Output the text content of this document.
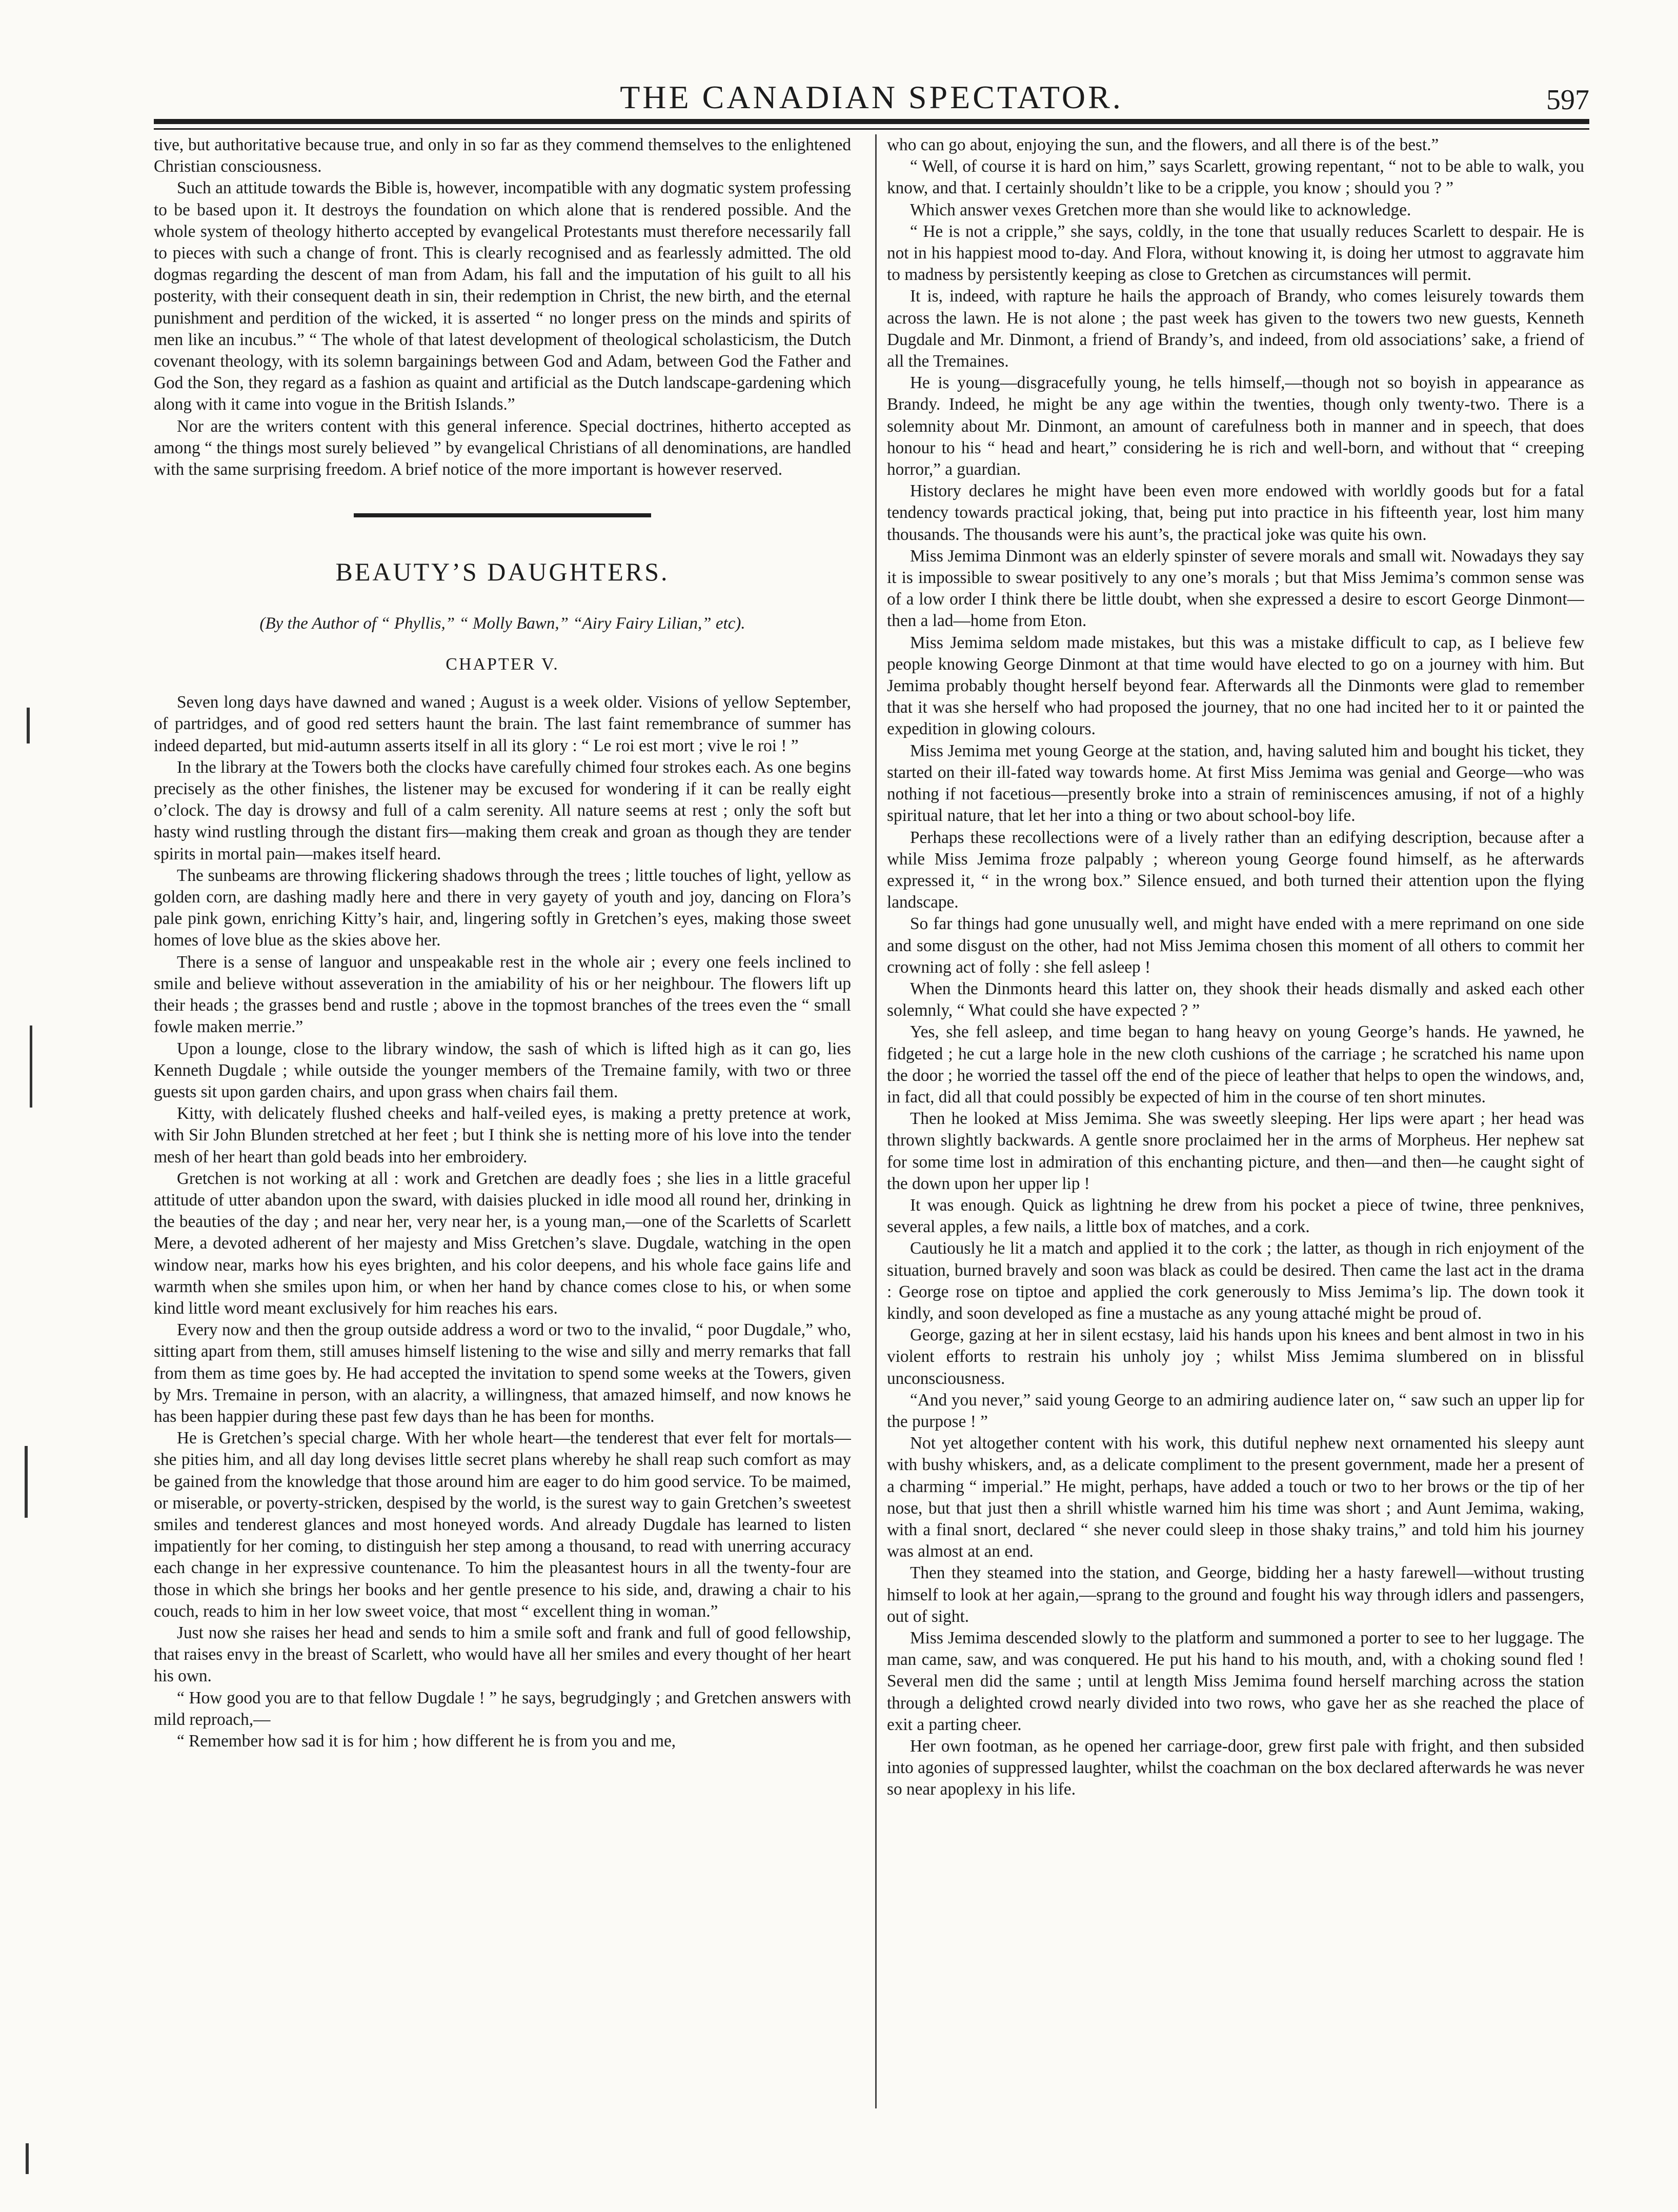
THE CANADIAN SPECTATOR.	597

tive, but authoritative because true, and only in so far as they commend themselves to the enlightened Christian consciousness.

Such an attitude towards the Bible is, however, incompatible with any dogmatic system professing to be based upon it. It destroys the foundation on which alone that is rendered possible. And the whole system of theology hitherto accepted by evangelical Protestants must therefore necessarily fall to pieces with such a change of front. This is clearly recognised and as fearlessly admitted. The old dogmas regarding the descent of man from Adam, his fall and the imputation of his guilt to all his posterity, with their consequent death in sin, their redemption in Christ, the new birth, and the eternal punishment and perdition of the wicked, it is asserted “ no longer press on the minds and spirits of men like an incubus.” “ The whole of that latest development of theological scholasticism, the Dutch covenant theology, with its solemn bargainings between God and Adam, between God the Father and God the Son, they regard as a fashion as quaint and artificial as the Dutch landscape-gardening which along with it came into vogue in the British Islands.”

Nor are the writers content with this general inference. Special doctrines, hitherto accepted as among “ the things most surely believed ” by evangelical Christians of all denominations, are handled with the same surprising freedom. A brief notice of the more important is however reserved.

BEAUTY’S DAUGHTERS.
(By the Author of “ Phyllis,” “ Molly Bawn,” “Airy Fairy Lilian,” etc).
CHAPTER V.

Seven long days have dawned and waned ; August is a week older. Visions of yellow September, of partridges, and of good red setters haunt the brain. The last faint remembrance of summer has indeed departed, but mid-autumn asserts itself in all its glory : “ Le roi est mort ; vive le roi ! ”

In the library at the Towers both the clocks have carefully chimed four strokes each. As one begins precisely as the other finishes, the listener may be excused for wondering if it can be really eight o’clock. The day is drowsy and full of a calm serenity. All nature seems at rest ; only the soft but hasty wind rustling through the distant firs—making them creak and groan as though they are tender spirits in mortal pain—makes itself heard.

The sunbeams are throwing flickering shadows through the trees ; little touches of light, yellow as golden corn, are dashing madly here and there in very gayety of youth and joy, dancing on Flora’s pale pink gown, enriching Kitty’s hair, and, lingering softly in Gretchen’s eyes, making those sweet homes of love blue as the skies above her.

There is a sense of languor and unspeakable rest in the whole air ; every one feels inclined to smile and believe without asseveration in the amiability of his or her neighbour. The flowers lift up their heads ; the grasses bend and rustle ; above in the topmost branches of the trees even the “ small fowle maken merrie.”

Upon a lounge, close to the library window, the sash of which is lifted high as it can go, lies Kenneth Dugdale ; while outside the younger members of the Tremaine family, with two or three guests sit upon garden chairs, and upon grass when chairs fail them.

Kitty, with delicately flushed cheeks and half-veiled eyes, is making a pretty pretence at work, with Sir John Blunden stretched at her feet ; but I think she is netting more of his love into the tender mesh of her heart than gold beads into her embroidery.

Gretchen is not working at all : work and Gretchen are deadly foes ; she lies in a little graceful attitude of utter abandon upon the sward, with daisies plucked in idle mood all round her, drinking in the beauties of the day ; and near her, very near her, is a young man,—one of the Scarletts of Scarlett Mere, a devoted adherent of her majesty and Miss Gretchen’s slave. Dugdale, watching in the open window near, marks how his eyes brighten, and his color deepens, and his whole face gains life and warmth when she smiles upon him, or when her hand by chance comes close to his, or when some kind little word meant exclusively for him reaches his ears.

Every now and then the group outside address a word or two to the invalid, “ poor Dugdale,” who, sitting apart from them, still amuses himself listening to the wise and silly and merry remarks that fall from them as time goes by. He had accepted the invitation to spend some weeks at the Towers, given by Mrs. Tremaine in person, with an alacrity, a willingness, that amazed himself, and now knows he has been happier during these past few days than he has been for months.

He is Gretchen’s special charge. With her whole heart—the tenderest that ever felt for mortals—she pities him, and all day long devises little secret plans whereby he shall reap such comfort as may be gained from the knowledge that those around him are eager to do him good service. To be maimed, or miserable, or poverty-stricken, despised by the world, is the surest way to gain Gretchen’s sweetest smiles and tenderest glances and most honeyed words. And already Dugdale has learned to listen impatiently for her coming, to distinguish her step among a thousand, to read with unerring accuracy each change in her expressive countenance. To him the pleasantest hours in all the twenty-four are those in which she brings her books and her gentle presence to his side, and, drawing a chair to his couch, reads to him in her low sweet voice, that most “ excellent thing in woman.”

Just now she raises her head and sends to him a smile soft and frank and full of good fellowship, that raises envy in the breast of Scarlett, who would have all her smiles and every thought of her heart his own.

“ How good you are to that fellow Dugdale ! ” he says, begrudgingly ; and Gretchen answers with mild reproach,—

“ Remember how sad it is for him ; how different he is from you and me,

who can go about, enjoying the sun, and the flowers, and all there is of the best.”

“ Well, of course it is hard on him,” says Scarlett, growing repentant, “ not to be able to walk, you know, and that. I certainly shouldn’t like to be a cripple, you know ; should you ? ”

Which answer vexes Gretchen more than she would like to acknowledge.

“ He is not a cripple,” she says, coldly, in the tone that usually reduces Scarlett to despair. He is not in his happiest mood to-day. And Flora, without knowing it, is doing her utmost to aggravate him to madness by persistently keeping as close to Gretchen as circumstances will permit.

It is, indeed, with rapture he hails the approach of Brandy, who comes leisurely towards them across the lawn. He is not alone ; the past week has given to the towers two new guests, Kenneth Dugdale and Mr. Dinmont, a friend of Brandy’s, and indeed, from old associations’ sake, a friend of all the Tremaines.

He is young—disgracefully young, he tells himself,—though not so boyish in appearance as Brandy. Indeed, he might be any age within the twenties, though only twenty-two. There is a solemnity about Mr. Dinmont, an amount of carefulness both in manner and in speech, that does honour to his “ head and heart,” considering he is rich and well-born, and without that “ creeping horror,” a guardian.

History declares he might have been even more endowed with worldly goods but for a fatal tendency towards practical joking, that, being put into practice in his fifteenth year, lost him many thousands. The thousands were his aunt’s, the practical joke was quite his own.

Miss Jemima Dinmont was an elderly spinster of severe morals and small wit. Nowadays they say it is impossible to swear positively to any one’s morals ; but that Miss Jemima’s common sense was of a low order I think there be little doubt, when she expressed a desire to escort George Dinmont—then a lad—home from Eton.

Miss Jemima seldom made mistakes, but this was a mistake difficult to cap, as I believe few people knowing George Dinmont at that time would have elected to go on a journey with him. But Jemima probably thought herself beyond fear. Afterwards all the Dinmonts were glad to remember that it was she herself who had proposed the journey, that no one had incited her to it or painted the expedition in glowing colours.

Miss Jemima met young George at the station, and, having saluted him and bought his ticket, they started on their ill-fated way towards home. At first Miss Jemima was genial and George—who was nothing if not facetious—presently broke into a strain of reminiscences amusing, if not of a highly spiritual nature, that let her into a thing or two about school-boy life.

Perhaps these recollections were of a lively rather than an edifying description, because after a while Miss Jemima froze palpably ; whereon young George found himself, as he afterwards expressed it, “ in the wrong box.” Silence ensued, and both turned their attention upon the flying landscape.

So far things had gone unusually well, and might have ended with a mere reprimand on one side and some disgust on the other, had not Miss Jemima chosen this moment of all others to commit her crowning act of folly : she fell asleep !

When the Dinmonts heard this latter on, they shook their heads dismally and asked each other solemnly, “ What could she have expected ? ”

Yes, she fell asleep, and time began to hang heavy on young George’s hands. He yawned, he fidgeted ; he cut a large hole in the new cloth cushions of the carriage ; he scratched his name upon the door ; he worried the tassel off the end of the piece of leather that helps to open the windows, and, in fact, did all that could possibly be expected of him in the course of ten short minutes.

Then he looked at Miss Jemima. She was sweetly sleeping. Her lips were apart ; her head was thrown slightly backwards. A gentle snore proclaimed her in the arms of Morpheus. Her nephew sat for some time lost in admiration of this enchanting picture, and then—and then—he caught sight of the down upon her upper lip !

It was enough. Quick as lightning he drew from his pocket a piece of twine, three penknives, several apples, a few nails, a little box of matches, and a cork.

Cautiously he lit a match and applied it to the cork ; the latter, as though in rich enjoyment of the situation, burned bravely and soon was black as could be desired. Then came the last act in the drama : George rose on tiptoe and applied the cork generously to Miss Jemima’s lip. The down took it kindly, and soon developed as fine a mustache as any young attaché might be proud of.

George, gazing at her in silent ecstasy, laid his hands upon his knees and bent almost in two in his violent efforts to restrain his unholy joy ; whilst Miss Jemima slumbered on in blissful unconsciousness.

“And you never,” said young George to an admiring audience later on, “ saw such an upper lip for the purpose ! ”

Not yet altogether content with his work, this dutiful nephew next ornamented his sleepy aunt with bushy whiskers, and, as a delicate compliment to the present government, made her a present of a charming “ imperial.” He might, perhaps, have added a touch or two to her brows or the tip of her nose, but that just then a shrill whistle warned him his time was short ; and Aunt Jemima, waking, with a final snort, declared “ she never could sleep in those shaky trains,” and told him his journey was almost at an end.

Then they steamed into the station, and George, bidding her a hasty farewell—without trusting himself to look at her again,—sprang to the ground and fought his way through idlers and passengers, out of sight.

Miss Jemima descended slowly to the platform and summoned a porter to see to her luggage. The man came, saw, and was conquered. He put his hand to his mouth, and, with a choking sound fled ! Several men did the same ; until at length Miss Jemima found herself marching across the station through a delighted crowd nearly divided into two rows, who gave her as she reached the place of exit a parting cheer.

Her own footman, as he opened her carriage-door, grew first pale with fright, and then subsided into agonies of suppressed laughter, whilst the coachman on the box declared afterwards he was never so near apoplexy in his life.
